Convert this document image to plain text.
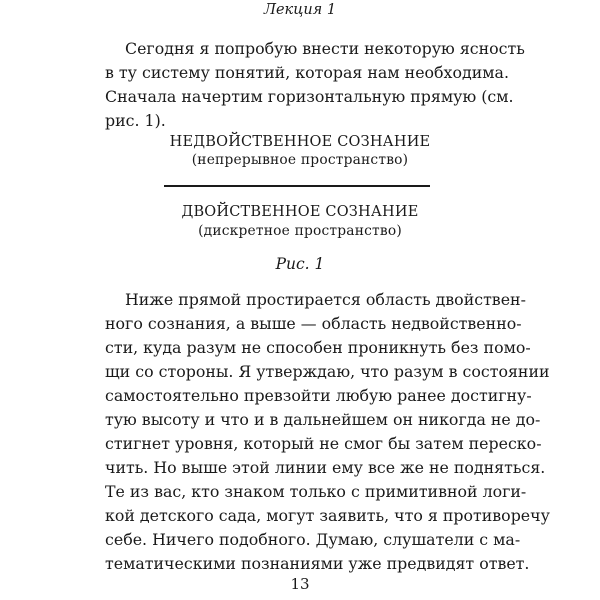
Лекция 1
Сегодня я попробую внести некоторую ясность
в ту систему понятий, которая нам необходима.
Сначала начертим горизонтальную прямую (см.
рис. 1).
НЕДВОЙСТВЕННОЕ СОЗНАНИЕ
(непрерывное пространство)
ДВОЙСТВЕННОЕ СОЗНАНИЕ
(дискретное пространство)
Рис. 1
Ниже прямой простирается область двойствен-
ного сознания, а выше — область недвойственно-
сти, куда разум не способен проникнуть без помо-
щи со стороны. Я утверждаю, что разум в состоянии
самостоятельно превзойти любую ранее достигну-
тую высоту и что и в дальнейшем он никогда не до-
стигнет уровня, который не смог бы затем переско-
чить. Но выше этой линии ему все же не подняться.
Те из вас, кто знаком только с примитивной логи-
кой детского сада, могут заявить, что я противоречу
себе. Ничего подобного. Думаю, слушатели с ма-
тематическими познаниями уже предвидят ответ.
13
